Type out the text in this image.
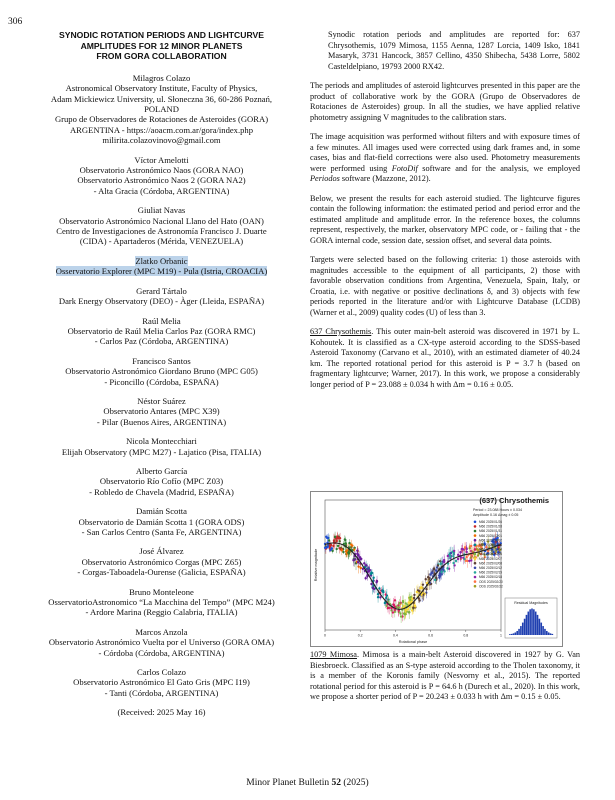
306
SYNODIC ROTATION PERIODS AND LIGHTCURVE
AMPLITUDES FOR 12 MINOR PLANETS
FROM GORA COLLABORATION
Milagros Colazo
Astronomical Observatory Institute, Faculty of Physics,
Adam Mickiewicz University, ul. Słoneczna 36, 60-286 Poznań,
POLAND
Grupo de Observadores de Rotaciones de Asteroides (GORA)
ARGENTINA - https://aoacm.com.ar/gora/index.php
milirita.colazovinovo@gmail.com
Víctor Amelotti
Observatorio Astronómico Naos (GORA NAO)
Observatorio Astronómico Naos 2 (GORA NA2)
- Alta Gracia (Córdoba, ARGENTINA)
Giuliat Navas
Observatorio Astronómico Nacional Llano del Hato (OAN)
Centro de Investigaciones de Astronomía Francisco J. Duarte
(CIDA) - Apartaderos (Mérida, VENEZUELA)
Zlatko Orbanic
Osservatorio Explorer (MPC M19) - Pula (Istria, CROACIA)
Gerard Tártalo
Dark Energy Observatory (DEO) - Àger (Lleida, ESPAÑA)
Raúl Melia
Observatorio de Raúl Melia Carlos Paz (GORA RMC)
- Carlos Paz (Córdoba, ARGENTINA)
Francisco Santos
Observatorio Astronómico Giordano Bruno (MPC G05)
- Piconcillo (Córdoba, ESPAÑA)
Néstor Suárez
Observatorio Antares (MPC X39)
- Pilar (Buenos Aires, ARGENTINA)
Nicola Montecchiari
Elijah Observatory (MPC M27) - Lajatico (Pisa, ITALIA)
Alberto García
Observatorio Río Cofío (MPC Z03)
- Robledo de Chavela (Madrid, ESPAÑA)
Damián Scotta
Observatorio de Damián Scotta 1 (GORA ODS)
- San Carlos Centro (Santa Fe, ARGENTINA)
José Álvarez
Observatorio Astronómico Corgas (MPC Z65)
- Corgas-Taboadela-Ourense (Galicia, ESPAÑA)
Bruno Monteleone
OsservatorioAstronomico “La Macchina del Tempo” (MPC M24)
- Ardore Marina (Reggio Calabria, ITALIA)
Marcos Anzola
Observatorio Astronómico Vuelta por el Universo (GORA OMA)
- Córdoba (Córdoba, ARGENTINA)
Carlos Colazo
Observatorio Astronómico El Gato Gris (MPC I19)
- Tanti (Córdoba, ARGENTINA)
(Received: 2025 May 16)

Synodic rotation periods and amplitudes are reported for: 637 Chrysothemis, 1079 Mimosa, 1155 Aenna, 1287 Lorcia, 1409 Isko, 1841 Masaryk, 3731 Hancock, 3857 Cellino, 4350 Shibecha, 5438 Lorre, 5802 Casteldelpiano, 19793 2000 RX42.

The periods and amplitudes of asteroid lightcurves presented in this paper are the product of collaborative work by the GORA (Grupo de Observadores de Rotaciones de Asteroides) group. In all the studies, we have applied relative photometry assigning V magnitudes to the calibration stars.

The image acquisition was performed without filters and with exposure times of a few minutes. All images used were corrected using dark frames and, in some cases, bias and flat-field corrections were also used. Photometry measurements were performed using FotoDif software and for the analysis, we employed Periodos software (Mazzone, 2012).

Below, we present the results for each asteroid studied. The lightcurve figures contain the following information: the estimated period and period error and the estimated amplitude and amplitude error. In the reference boxes, the columns represent, respectively, the marker, observatory MPC code, or - failing that - the GORA internal code, session date, session offset, and several data points.

Targets were selected based on the following criteria: 1) those asteroids with magnitudes accessible to the equipment of all participants, 2) those with favorable observation conditions from Argentina, Venezuela, Spain, Italy, or Croatia, i.e. with negative or positive declinations δ, and 3) objects with few periods reported in the literature and/or with Lightcurve Database (LCDB) (Warner et al., 2009) quality codes (U) of less than 3.

637 Chrysothemis. This outer main-belt asteroid was discovered in 1971 by L. Kohoutek. It is classified as a CX-type asteroid according to the SDSS-based Asteroid Taxonomy (Carvano et al., 2010), with an estimated diameter of 40.24 km. The reported rotational period for this asteroid is P = 3.7 h (based on fragmentary lightcurve; Warner, 2017). In this work, we propose a considerably longer period of P = 23.088 ± 0.034 h with Δm = 0.16 ± 0.05.

(637) Chrysothemis
Period = 23.088 Hours ± 0.034
Amplitude 0.16 Δmag ± 0.05
0	0.2	0.4	0.6	0.8	1
Rotational phase
Relative magnitude
M66 2025/01/26
M66 2025/01/28
M66 2025/01/31
M66 2025/02/01
M66 2025/02/02
M66 2025/02/03
M66 2025/02/04
M66 2025/02/06
M66 2025/02/07
M66 2025/02/08
M66 2025/02/12
M66 2025/02/15
M66 2025/02/18
ODS 2025/02/20
ODS 2025/02/22
Residual Magnitudes

1079 Mimosa. Mimosa is a main-belt Asteroid discovered in 1927 by G. Van Biesbroeck. Classified as an S-type asteroid according to the Tholen taxonomy, it is a member of the Koronis family (Nesvorny et al., 2015). The reported rotational period for this asteroid is P = 64.6 h (Durech et al., 2020). In this work, we propose a shorter period of P = 20.243 ± 0.033 h with Δm = 0.15 ± 0.05.

Minor Planet Bulletin 52 (2025)
